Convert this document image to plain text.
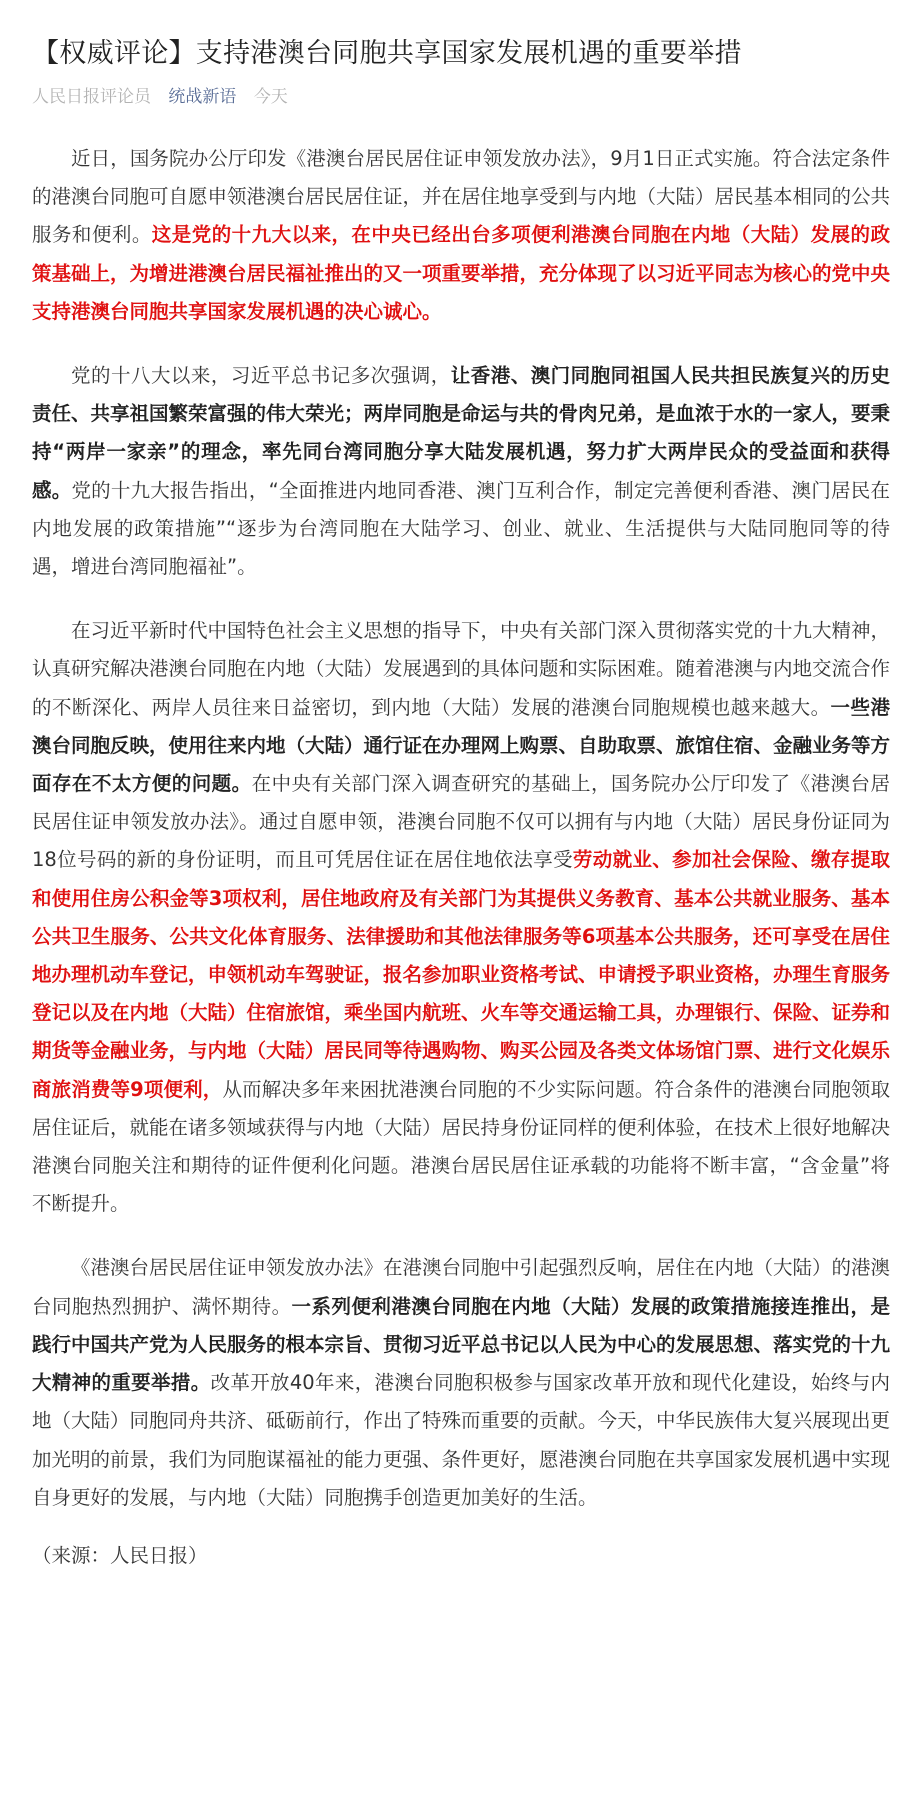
【权威评论】支持港澳台同胞共享国家发展机遇的重要举措
人民日报评论员 统战新语 今天

近日，国务院办公厅印发《港澳台居民居住证申领发放办法》，9月1日正式实施。符合法定条件的港澳台同胞可自愿申领港澳台居民居住证，并在居住地享受到与内地（大陆）居民基本相同的公共服务和便利。这是党的十九大以来，在中央已经出台多项便利港澳台同胞在内地（大陆）发展的政策基础上，为增进港澳台居民福祉推出的又一项重要举措，充分体现了以习近平同志为核心的党中央支持港澳台同胞共享国家发展机遇的决心诚心。

党的十八大以来，习近平总书记多次强调，让香港、澳门同胞同祖国人民共担民族复兴的历史责任、共享祖国繁荣富强的伟大荣光；两岸同胞是命运与共的骨肉兄弟，是血浓于水的一家人，要秉持“两岸一家亲”的理念，率先同台湾同胞分享大陆发展机遇，努力扩大两岸民众的受益面和获得感。党的十九大报告指出，“全面推进内地同香港、澳门互利合作，制定完善便利香港、澳门居民在内地发展的政策措施”“逐步为台湾同胞在大陆学习、创业、就业、生活提供与大陆同胞同等的待遇，增进台湾同胞福祉”。

在习近平新时代中国特色社会主义思想的指导下，中央有关部门深入贯彻落实党的十九大精神，认真研究解决港澳台同胞在内地（大陆）发展遇到的具体问题和实际困难。随着港澳与内地交流合作的不断深化、两岸人员往来日益密切，到内地（大陆）发展的港澳台同胞规模也越来越大。一些港澳台同胞反映，使用往来内地（大陆）通行证在办理网上购票、自助取票、旅馆住宿、金融业务等方面存在不太方便的问题。在中央有关部门深入调查研究的基础上，国务院办公厅印发了《港澳台居民居住证申领发放办法》。通过自愿申领，港澳台同胞不仅可以拥有与内地（大陆）居民身份证同为18位号码的新的身份证明，而且可凭居住证在居住地依法享受劳动就业、参加社会保险、缴存提取和使用住房公积金等3项权利，居住地政府及有关部门为其提供义务教育、基本公共就业服务、基本公共卫生服务、公共文化体育服务、法律援助和其他法律服务等6项基本公共服务，还可享受在居住地办理机动车登记，申领机动车驾驶证，报名参加职业资格考试、申请授予职业资格，办理生育服务登记以及在内地（大陆）住宿旅馆，乘坐国内航班、火车等交通运输工具，办理银行、保险、证券和期货等金融业务，与内地（大陆）居民同等待遇购物、购买公园及各类文体场馆门票、进行文化娱乐商旅消费等9项便利，从而解决多年来困扰港澳台同胞的不少实际问题。符合条件的港澳台同胞领取居住证后，就能在诸多领域获得与内地（大陆）居民持身份证同样的便利体验，在技术上很好地解决港澳台同胞关注和期待的证件便利化问题。港澳台居民居住证承载的功能将不断丰富，“含金量”将不断提升。

《港澳台居民居住证申领发放办法》在港澳台同胞中引起强烈反响，居住在内地（大陆）的港澳台同胞热烈拥护、满怀期待。一系列便利港澳台同胞在内地（大陆）发展的政策措施接连推出，是践行中国共产党为人民服务的根本宗旨、贯彻习近平总书记以人民为中心的发展思想、落实党的十九大精神的重要举措。改革开放40年来，港澳台同胞积极参与国家改革开放和现代化建设，始终与内地（大陆）同胞同舟共济、砥砺前行，作出了特殊而重要的贡献。今天，中华民族伟大复兴展现出更加光明的前景，我们为同胞谋福祉的能力更强、条件更好，愿港澳台同胞在共享国家发展机遇中实现自身更好的发展，与内地（大陆）同胞携手创造更加美好的生活。

（来源：人民日报）
